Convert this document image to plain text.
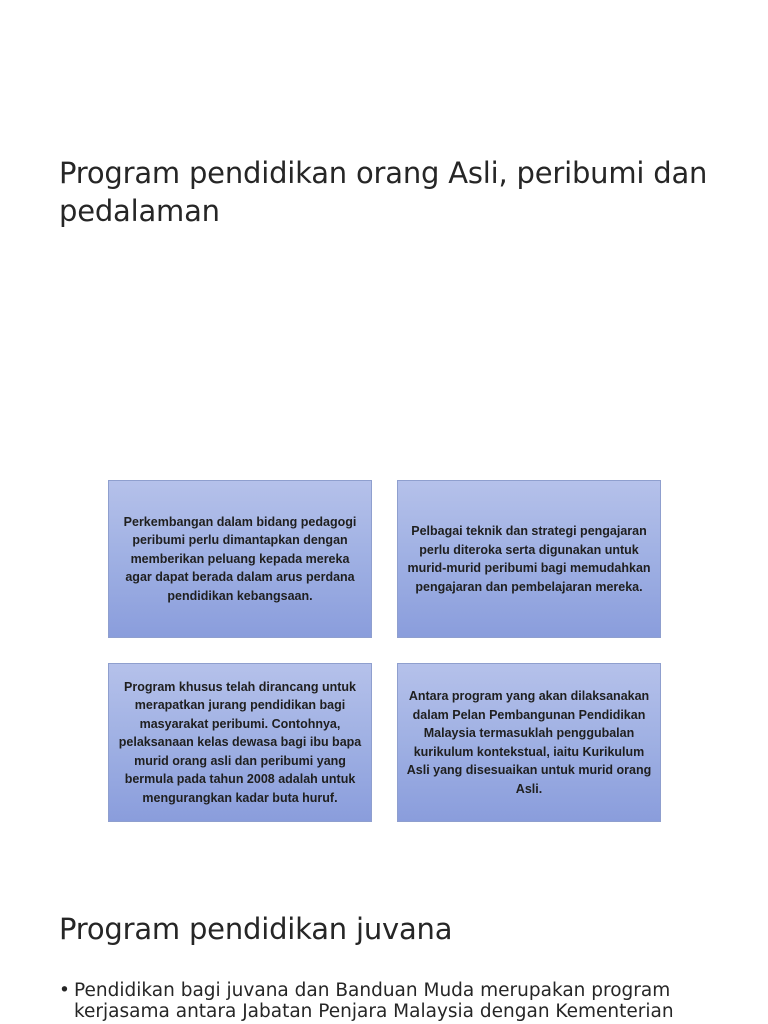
Program pendidikan orang Asli, peribumi dan pedalaman
Perkembangan dalam bidang pedagogi peribumi perlu dimantapkan dengan memberikan peluang kepada mereka agar dapat berada dalam arus perdana pendidikan kebangsaan.
Pelbagai teknik dan strategi pengajaran perlu diteroka serta digunakan untuk murid-murid peribumi bagi memudahkan pengajaran dan pembelajaran mereka.
Program khusus telah dirancang untuk merapatkan jurang pendidikan bagi masyarakat peribumi. Contohnya, pelaksanaan kelas dewasa bagi ibu bapa murid orang asli dan peribumi yang bermula pada tahun 2008 adalah untuk mengurangkan kadar buta huruf.
Antara program yang akan dilaksanakan dalam Pelan Pembangunan Pendidikan Malaysia termasuklah penggubalan kurikulum kontekstual, iaitu Kurikulum Asli yang disesuaikan untuk murid orang Asli.
Program pendidikan juvana
• Pendidikan bagi juvana dan Banduan Muda merupakan program kerjasama antara Jabatan Penjara Malaysia dengan Kementerian
